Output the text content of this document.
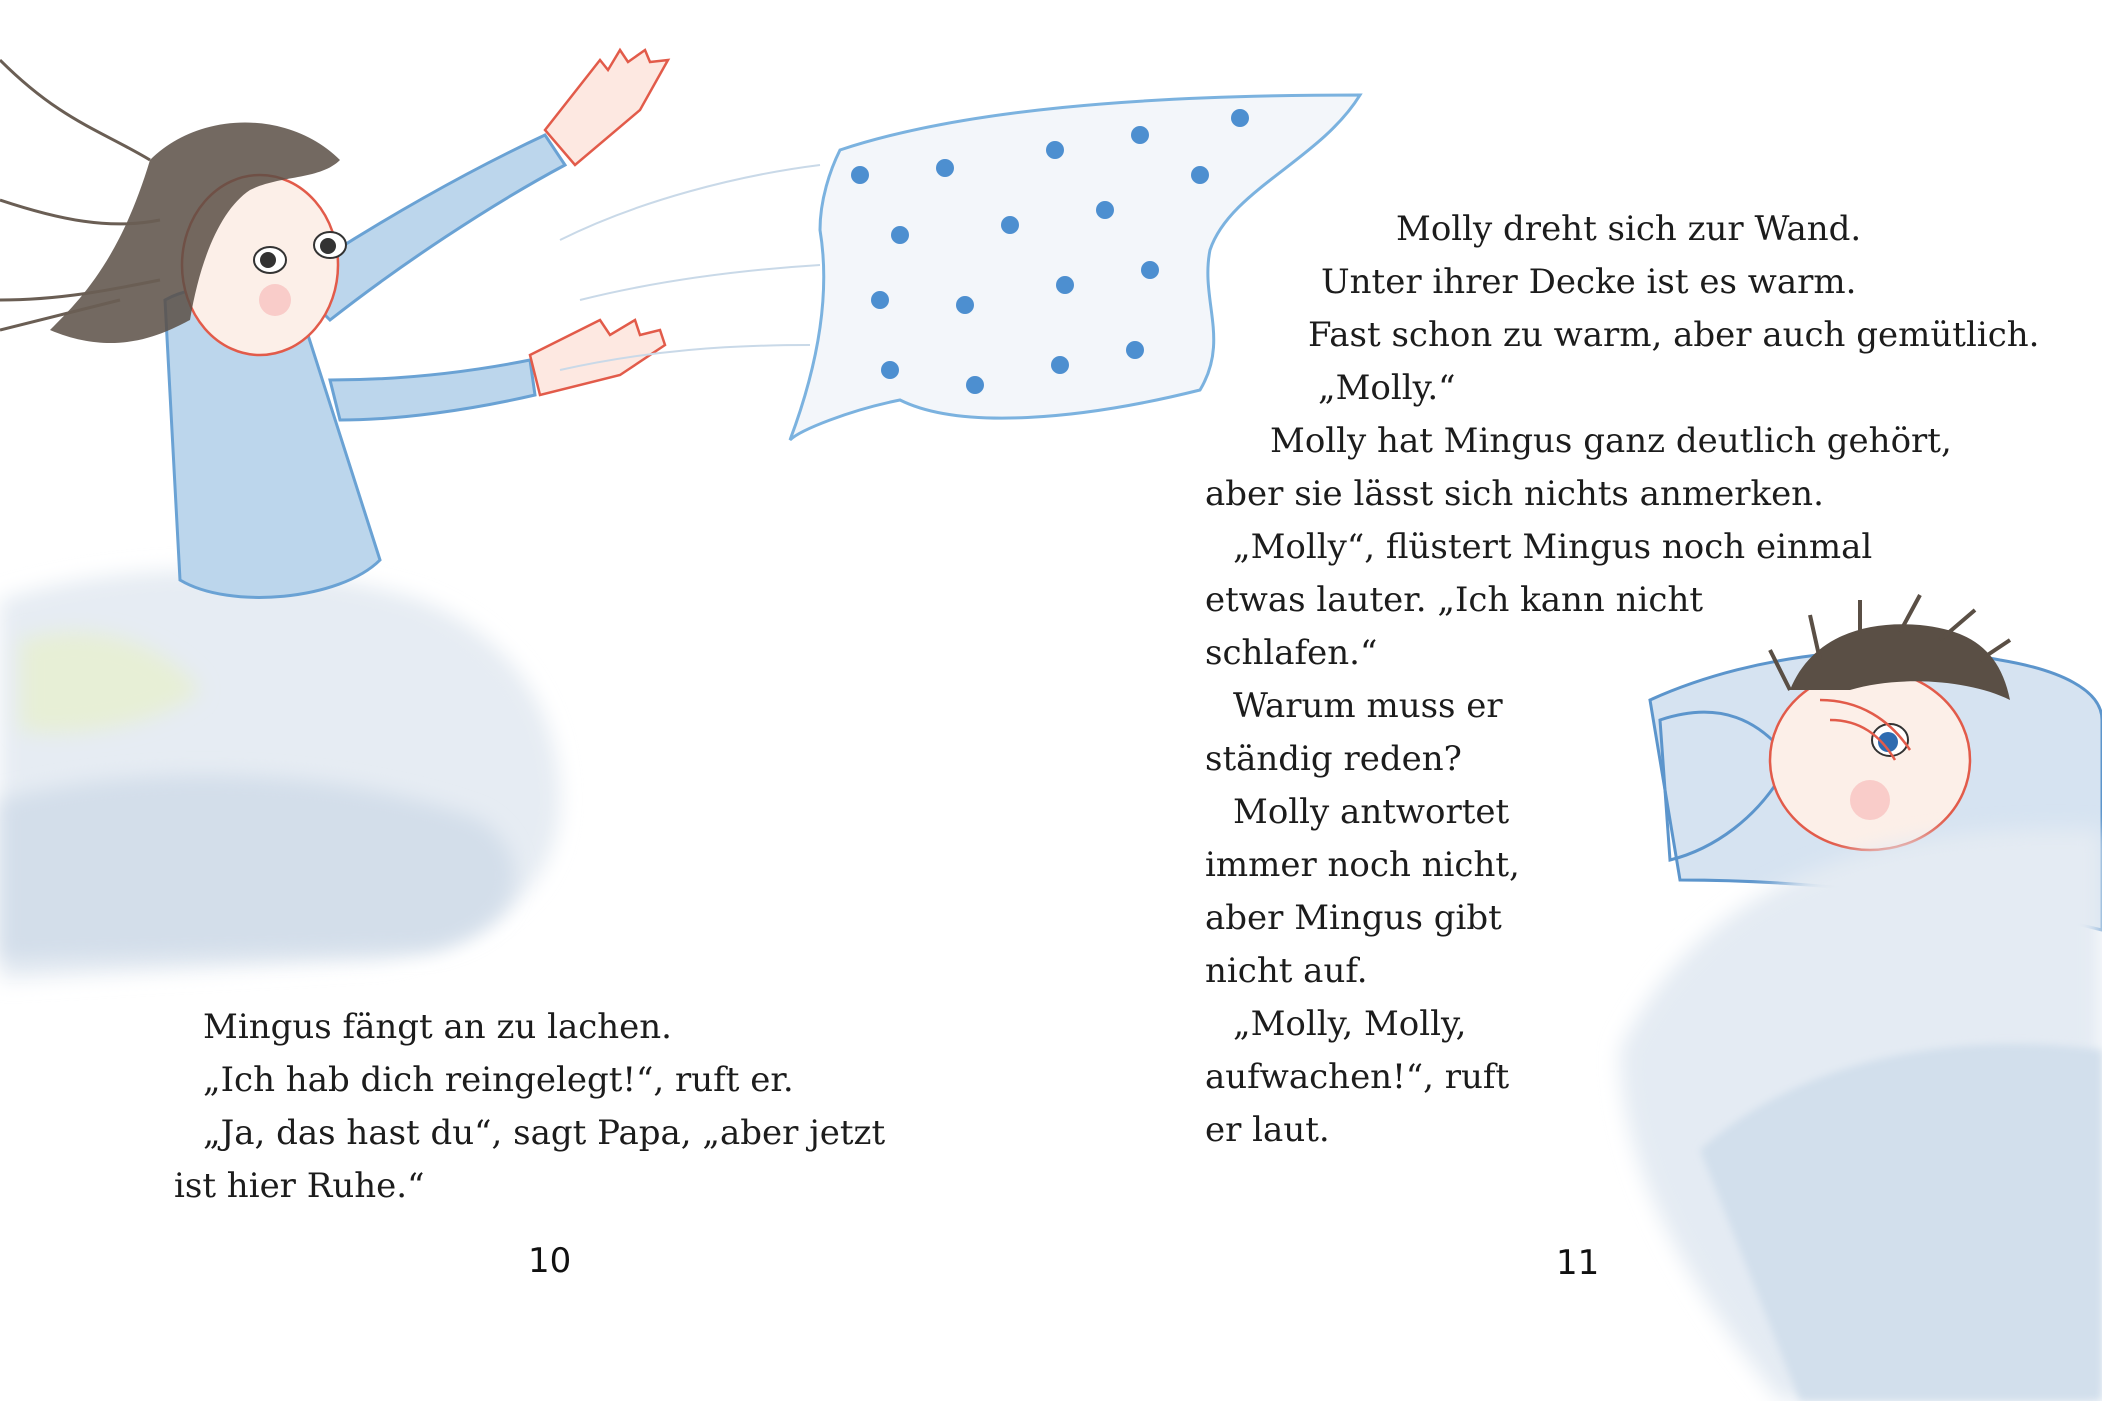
Mingus fängt an zu lachen.
„Ich hab dich reingelegt!“, ruft er.
„Ja, das hast du“, sagt Papa, „aber jetzt
ist hier Ruhe.“
10
Molly dreht sich zur Wand.
Unter ihrer Decke ist es warm.
Fast schon zu warm, aber auch gemütlich.
„Molly.“
Molly hat Mingus ganz deutlich gehört,
aber sie lässt sich nichts anmerken.
„Molly“, flüstert Mingus noch einmal
etwas lauter. „Ich kann nicht
schlafen.“
Warum muss er
ständig reden?
Molly antwortet
immer noch nicht,
aber Mingus gibt
nicht auf.
„Molly, Molly,
aufwachen!“, ruft
er laut.
11
